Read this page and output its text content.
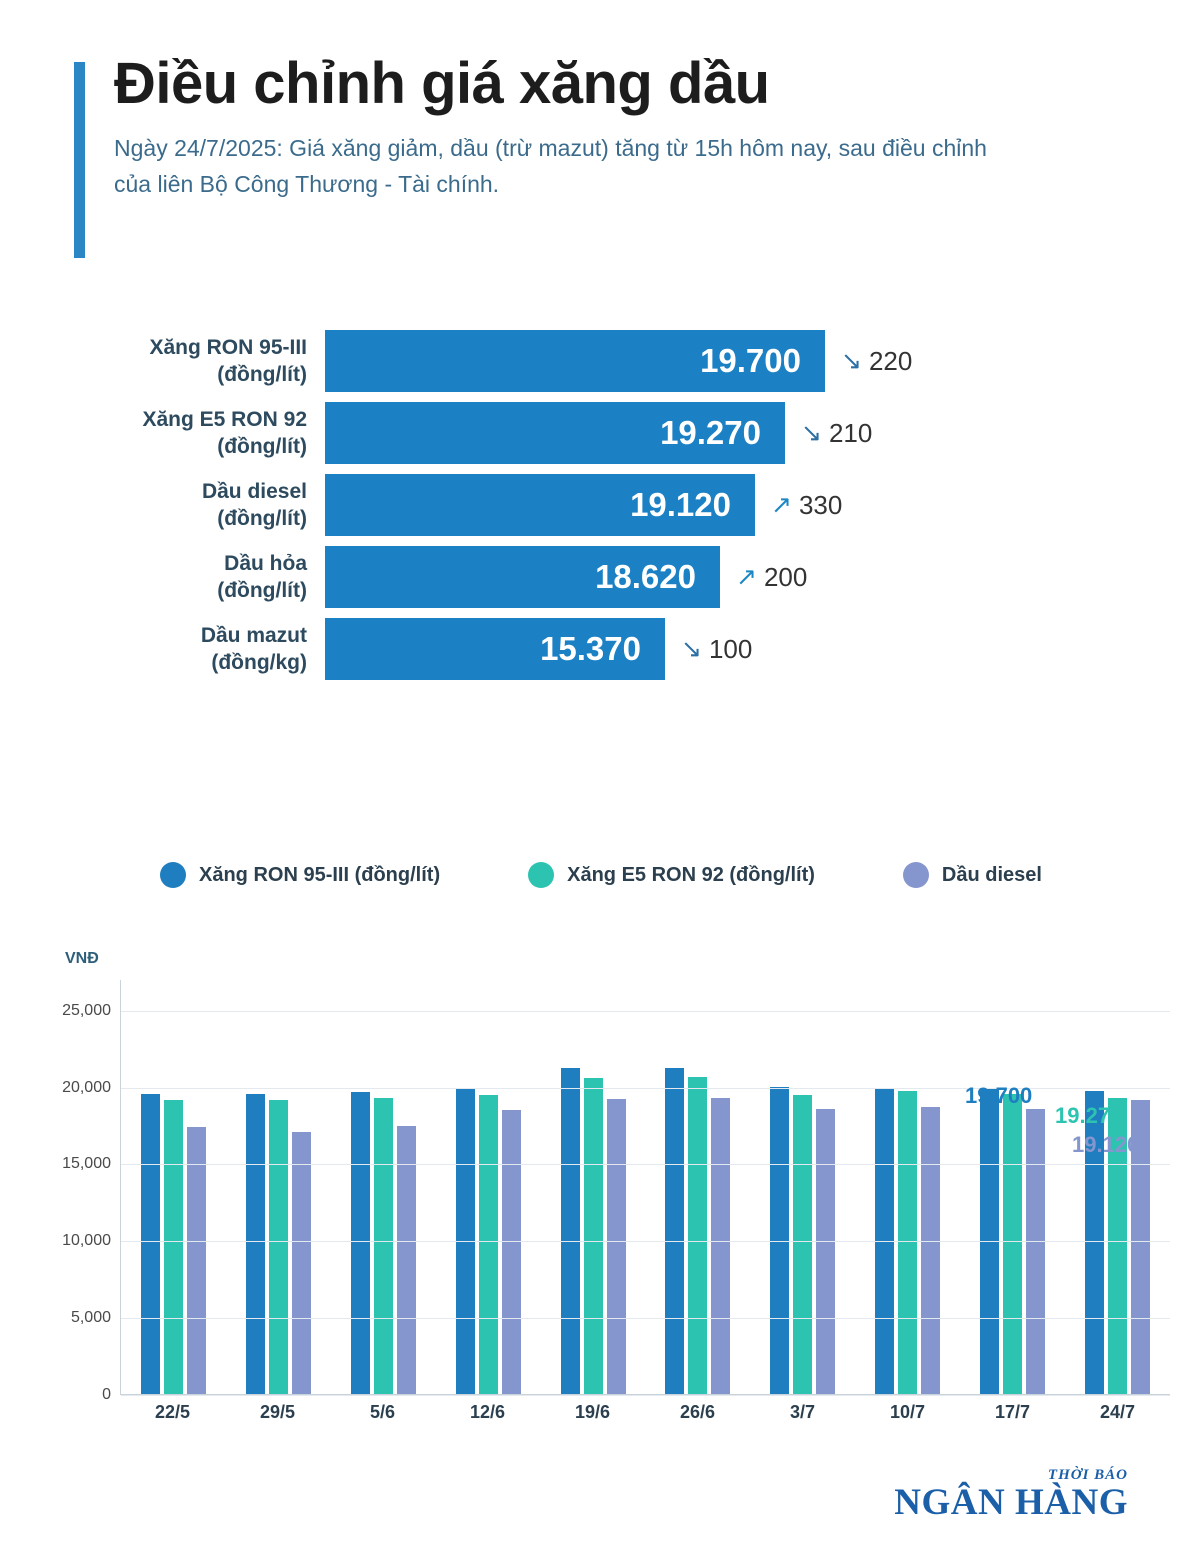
Điều chỉnh giá xăng dầu

Ngày 24/7/2025: Giá xăng giảm, dầu (trừ mazut) tăng từ 15h hôm nay, sau điều chỉnh của liên Bộ Công Thương - Tài chính.

Xăng RON 95-III
(đồng/lít)	19.700 ↘ 220
Xăng E5 RON 92
(đồng/lít)	19.270 ↘ 210
Dầu diesel
(đồng/lít)	19.120 ↗ 330
Dầu hỏa
(đồng/lít)	18.620 ↗ 200
Dầu mazut
(đồng/kg)	15.370 ↘ 100
Xăng RON 95-III (đồng/lít)	Xăng E5 RON 92 (đồng/lít)	Dầu diesel
VNĐ
0
5,000
10,000
15,000
20,000
25,000
22/5	29/5	5/6	12/6	19/6	26/6	3/7	10/7	17/7	24/7
19.700
19.270
19.120
THỜI BÁO
NGÂN HÀNG
